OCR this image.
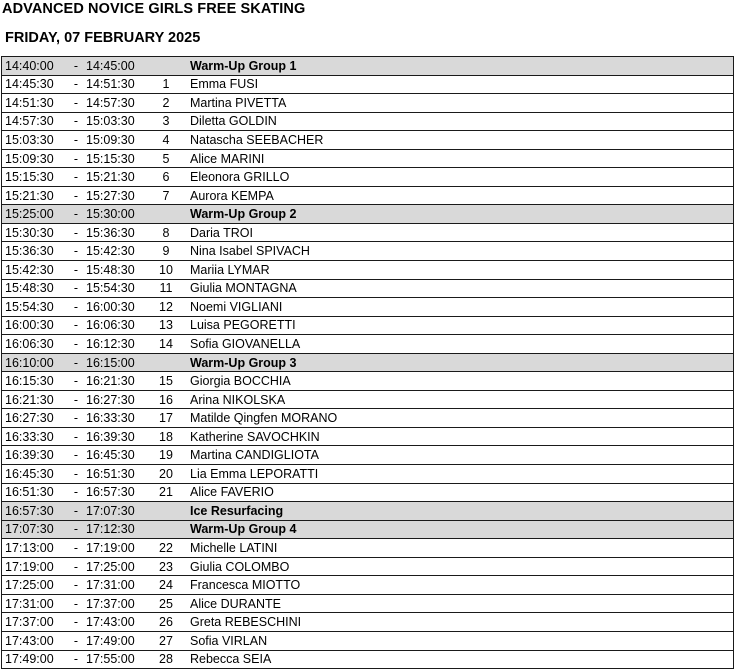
ADVANCED NOVICE GIRLS FREE SKATING
FRIDAY, 07 FEBRUARY 2025
14:40:00	-	14:45:00		Warm-Up Group 1
14:45:30	-	14:51:30	1	Emma FUSI
14:51:30	-	14:57:30	2	Martina PIVETTA
14:57:30	-	15:03:30	3	Diletta GOLDIN
15:03:30	-	15:09:30	4	Natascha SEEBACHER
15:09:30	-	15:15:30	5	Alice MARINI
15:15:30	-	15:21:30	6	Eleonora GRILLO
15:21:30	-	15:27:30	7	Aurora KEMPA
15:25:00	-	15:30:00		Warm-Up Group 2
15:30:30	-	15:36:30	8	Daria TROI
15:36:30	-	15:42:30	9	Nina Isabel SPIVACH
15:42:30	-	15:48:30	10	Mariia LYMAR
15:48:30	-	15:54:30	11	Giulia MONTAGNA
15:54:30	-	16:00:30	12	Noemi VIGLIANI
16:00:30	-	16:06:30	13	Luisa PEGORETTI
16:06:30	-	16:12:30	14	Sofia GIOVANELLA
16:10:00	-	16:15:00		Warm-Up Group 3
16:15:30	-	16:21:30	15	Giorgia BOCCHIA
16:21:30	-	16:27:30	16	Arina NIKOLSKA
16:27:30	-	16:33:30	17	Matilde Qingfen MORANO
16:33:30	-	16:39:30	18	Katherine SAVOCHKIN
16:39:30	-	16:45:30	19	Martina CANDIGLIOTA
16:45:30	-	16:51:30	20	Lia Emma LEPORATTI
16:51:30	-	16:57:30	21	Alice FAVERIO
16:57:30	-	17:07:30		Ice Resurfacing
17:07:30	-	17:12:30		Warm-Up Group 4
17:13:00	-	17:19:00	22	Michelle LATINI
17:19:00	-	17:25:00	23	Giulia COLOMBO
17:25:00	-	17:31:00	24	Francesca MIOTTO
17:31:00	-	17:37:00	25	Alice DURANTE
17:37:00	-	17:43:00	26	Greta REBESCHINI
17:43:00	-	17:49:00	27	Sofia VIRLAN
17:49:00	-	17:55:00	28	Rebecca SEIA
